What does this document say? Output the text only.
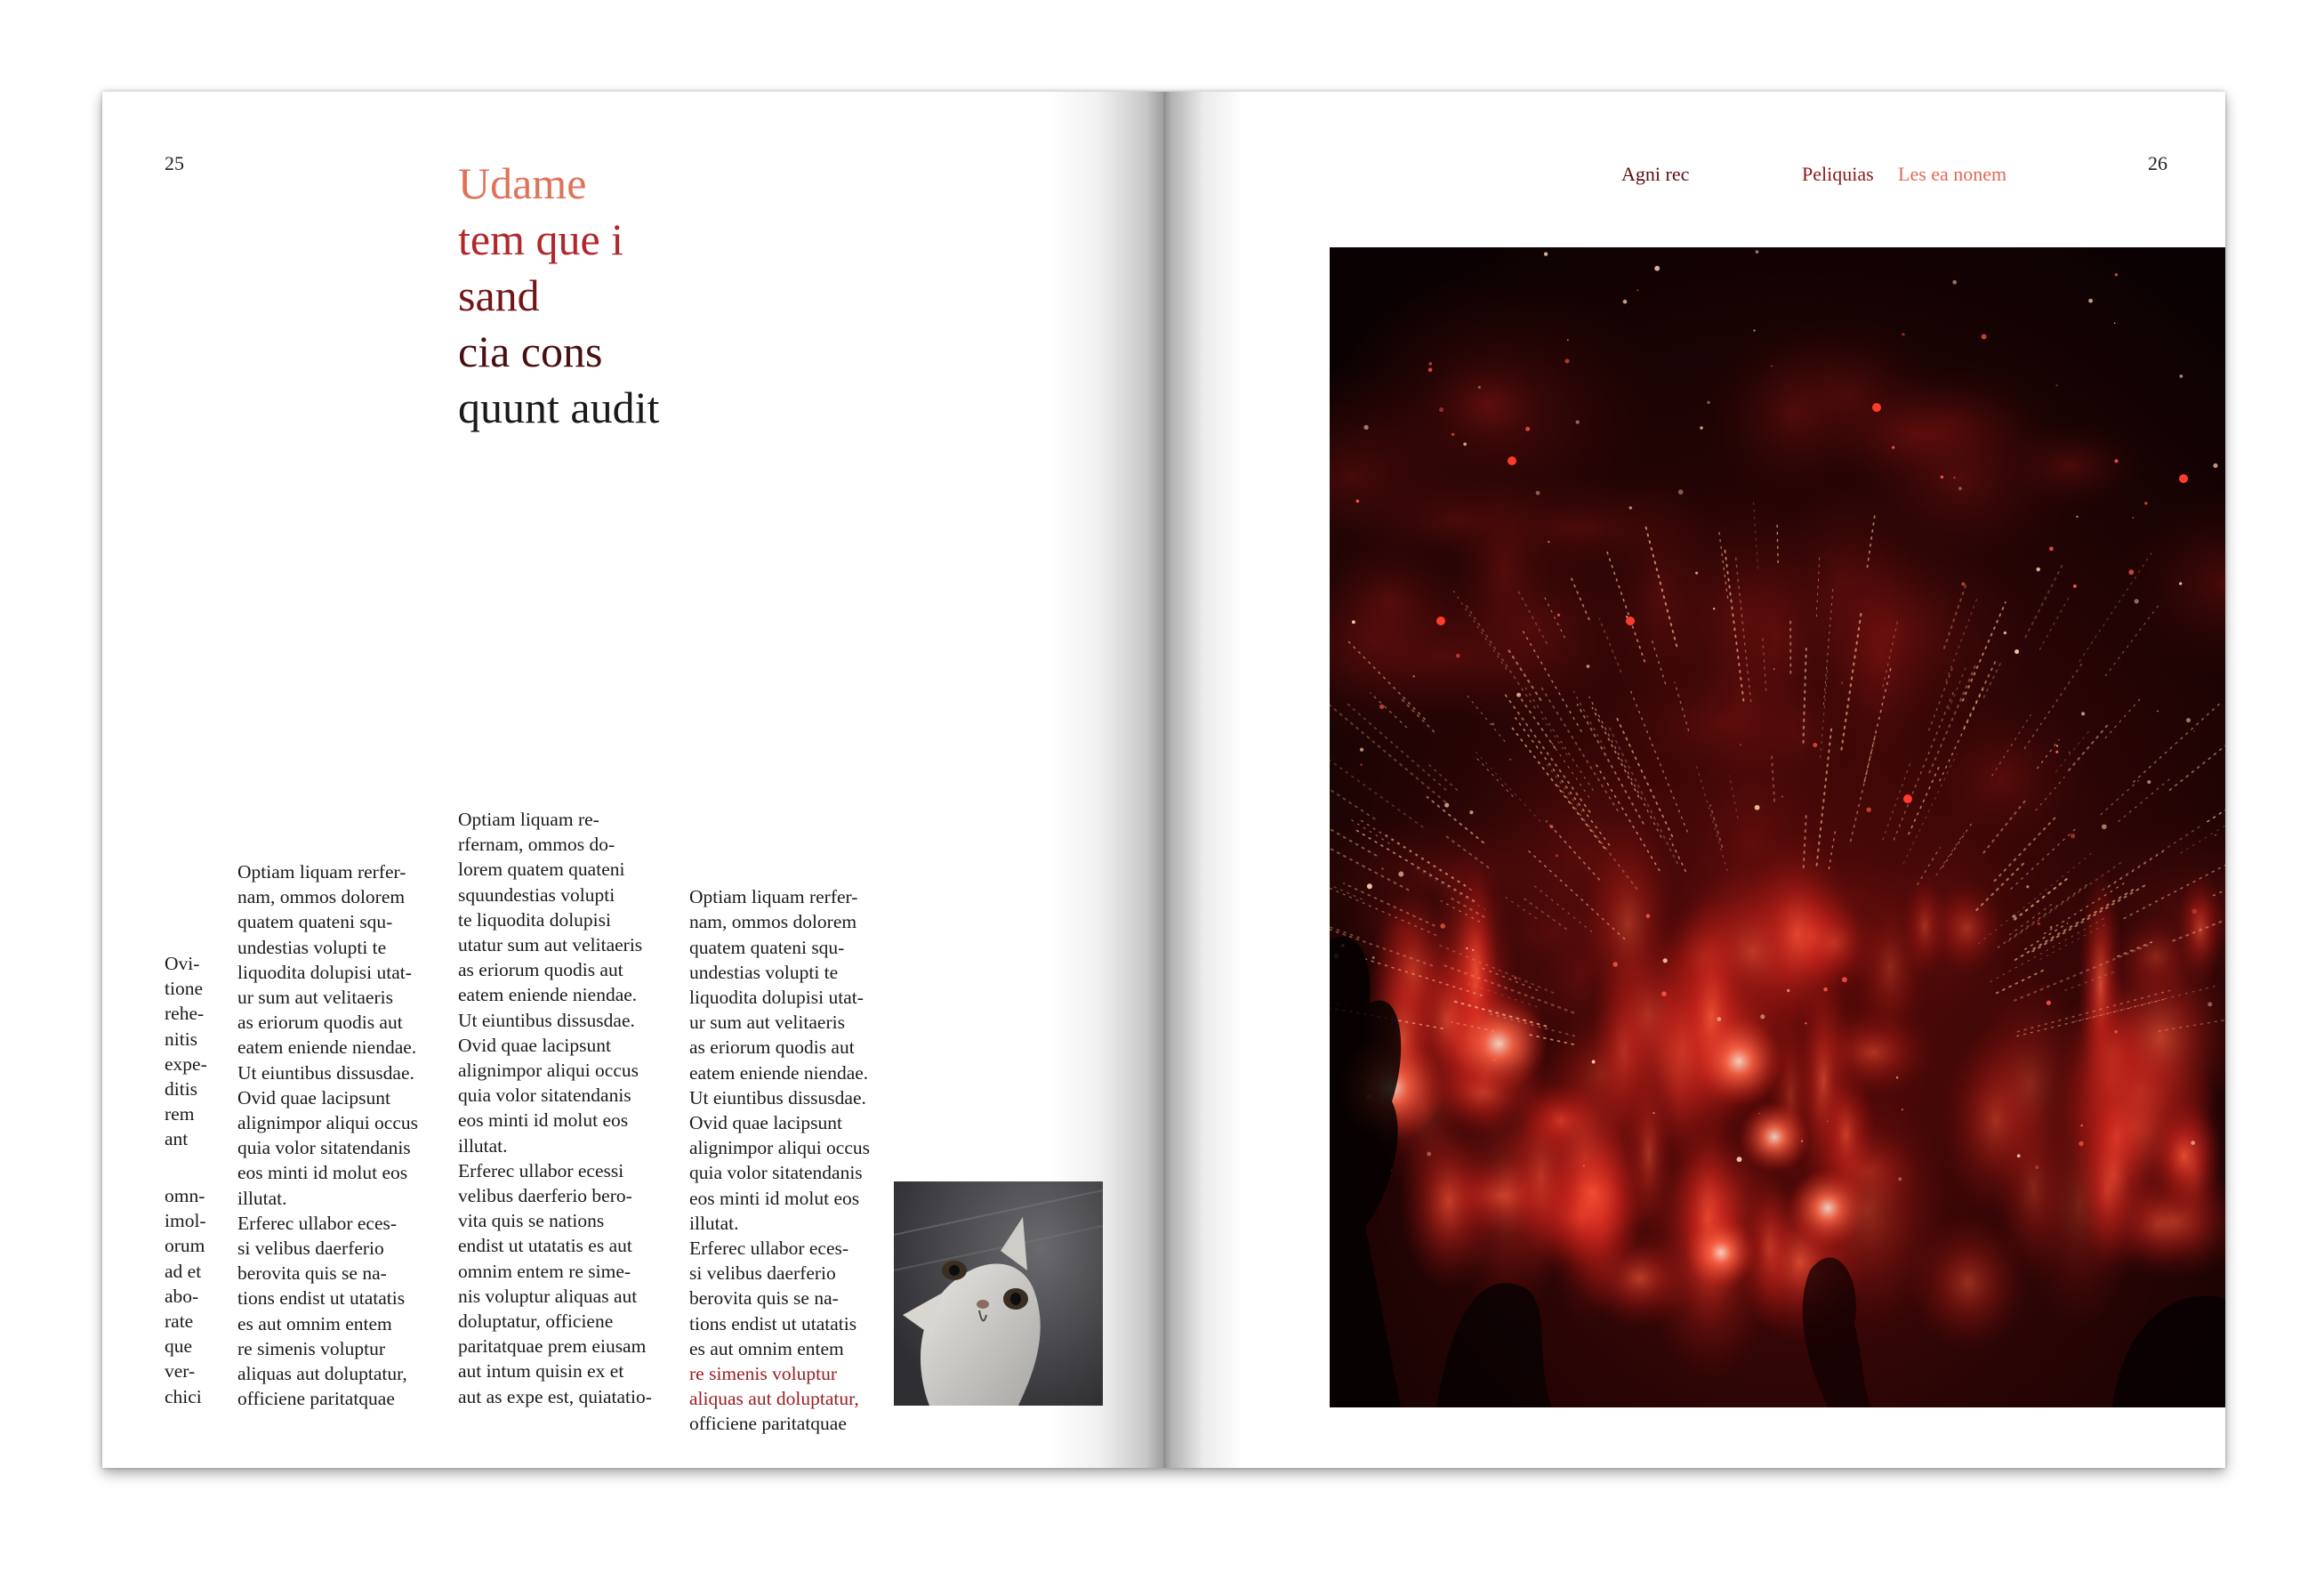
25	Udame
tem que i
sand
cia cons
quunt audit
Ovi-
tione
rehe-
nitis
expe-
ditis
rem
ant
omn-
imol-
orum
ad et
abo-
rate
que
ver-
chici
Optiam liquam rerfer-
nam, ommos dolorem
quatem quateni squ-
undestias volupti te
liquodita dolupisi utat-
ur sum aut velitaeris
as eriorum quodis aut
eatem eniende niendae.
Ut eiuntibus dissusdae.
Ovid quae lacipsunt
alignimpor aliqui occus
quia volor sitatendanis
eos minti id molut eos
illutat.
Erferec ullabor eces-
si velibus daerferio
berovita quis se na-
tions endist ut utatatis
es aut omnim entem
re simenis voluptur
aliquas aut doluptatur,
officiene paritatquae
Optiam liquam re-
rfernam, ommos do-
lorem quatem quateni
squundestias volupti
te liquodita dolupisi
utatur sum aut velitaeris
as eriorum quodis aut
eatem eniende niendae.
Ut eiuntibus dissusdae.
Ovid quae lacipsunt
alignimpor aliqui occus
quia volor sitatendanis
eos minti id molut eos
illutat.
Erferec ullabor ecessi
velibus daerferio bero-
vita quis se nations
endist ut utatatis es aut
omnim entem re sime-
nis voluptur aliquas aut
doluptatur, officiene
paritatquae prem eiusam
aut intum quisin ex et
aut as expe est, quiatatio-

Optiam liquam rerfer-
nam, ommos dolorem
quatem quateni squ-
undestias volupti te
liquodita dolupisi utat-
ur sum aut velitaeris
as eriorum quodis aut
eatem eniende niendae.
Ut eiuntibus dissusdae.
Ovid quae lacipsunt
alignimpor aliqui occus
quia volor sitatendanis
eos minti id molut eos
illutat.
Erferec ullabor eces-
si velibus daerferio
berovita quis se na-
tions endist ut utatatis
es aut omnim entem
re simenis voluptur
aliquas aut doluptatur,
officiene paritatquae

Agni rec	Peliquias Les ea nonem	26
